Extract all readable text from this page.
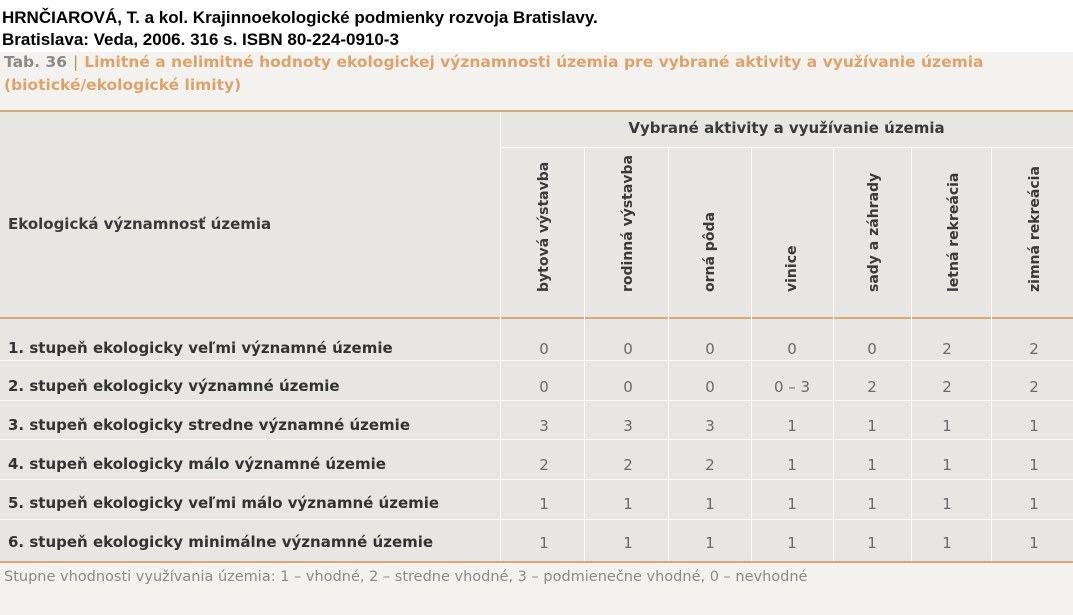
HRNČIAROVÁ, T. a kol. Krajinnoekologické podmienky rozvoja Bratislavy.
Bratislava: Veda, 2006. 316 s. ISBN 80-224-0910-3
Tab. 36 | Limitné a nelimitné hodnoty ekologickej významnosti územia pre vybrané aktivity a využívanie územia
(biotické/ekologické limity)
Vybrané aktivity a využívanie územia
Ekologická významnosť územia	bytová výstavba	rodinná výstavba	orná pôda	vinice	sady a záhrady	letná rekreácia	zimná rekreácia
1. stupeň ekologicky veľmi významné územie	0	0	0	0	0	2	2
2. stupeň ekologicky významné územie	0	0	0	0 – 3	2	2	2
3. stupeň ekologicky stredne významné územie	3	3	3	1	1	1	1
4. stupeň ekologicky málo významné územie	2	2	2	1	1	1	1
5. stupeň ekologicky veľmi málo významné územie	1	1	1	1	1	1	1
6. stupeň ekologicky minimálne významné územie	1	1	1	1	1	1	1
Stupne vhodnosti využívania územia: 1 – vhodné, 2 – stredne vhodné, 3 – podmienečne vhodné, 0 – nevhodné
